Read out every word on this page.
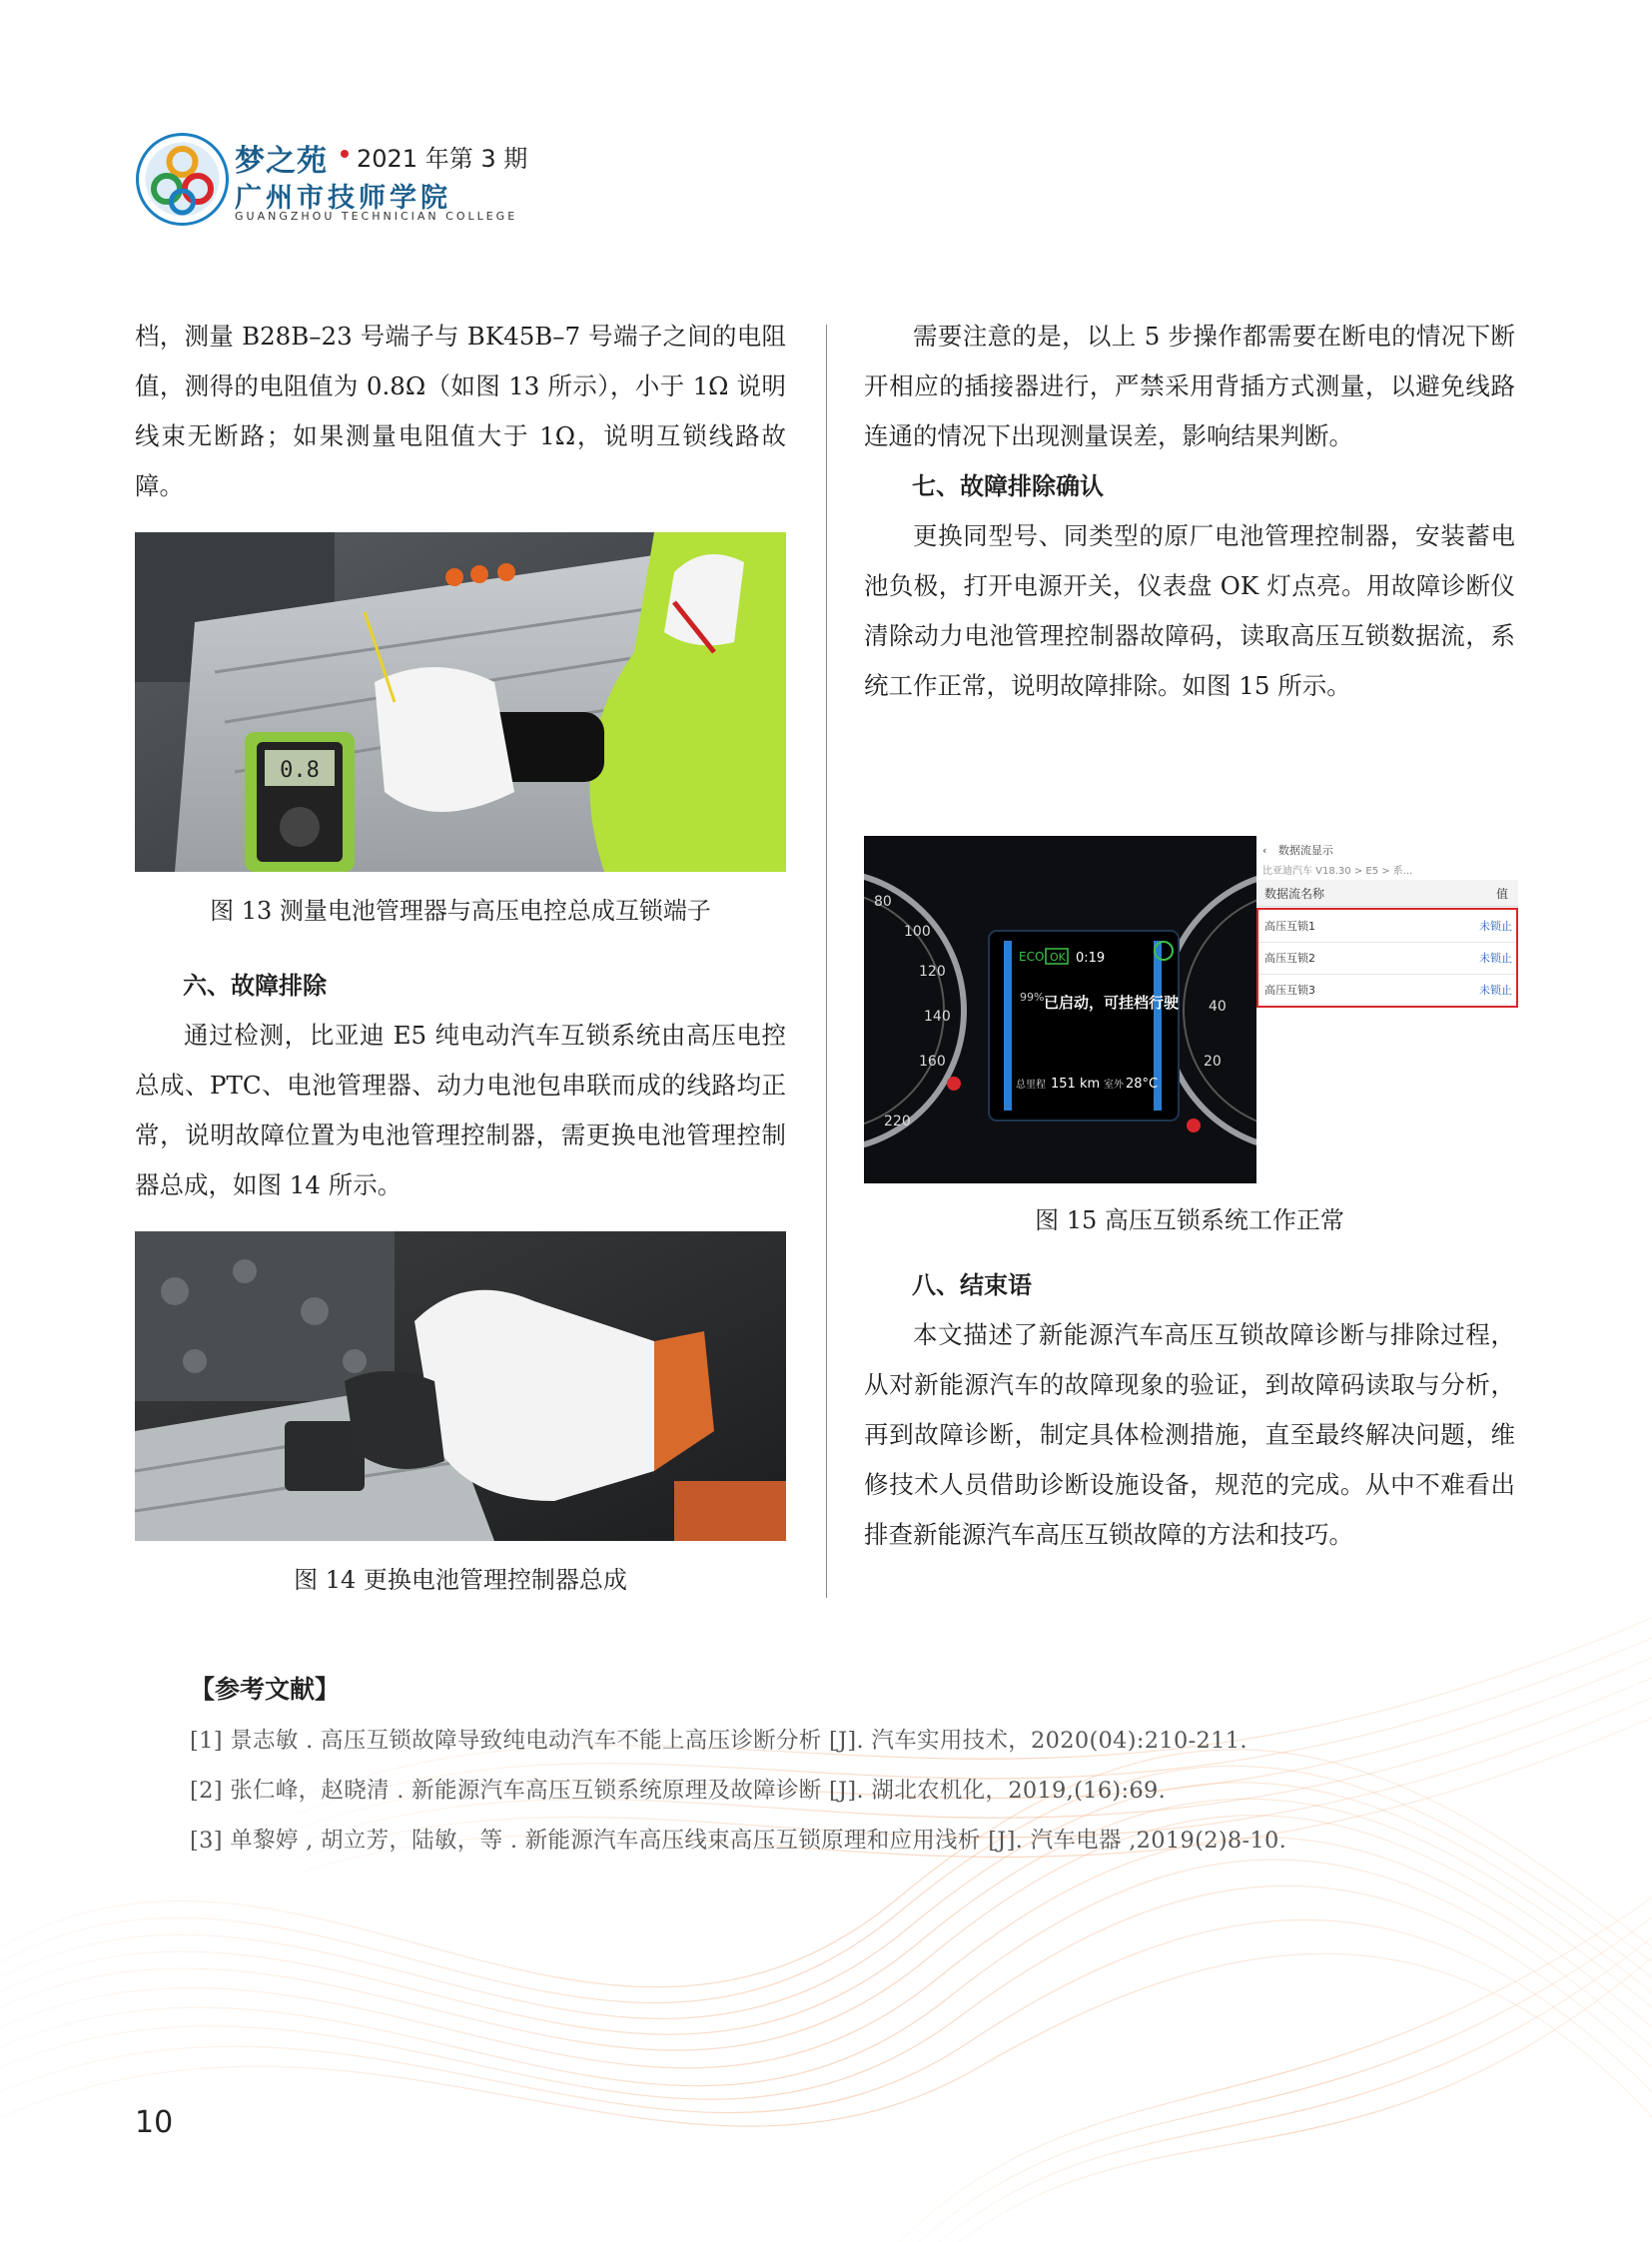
梦之苑 2021 年第 3 期
广州市技师学院
GUANGZHOU TECHNICIAN COLLEGE

档，测量 B28B–23 号端子与 BK45B–7 号端子之间的电阻值，测得的电阻值为 0.8Ω（如图 13 所示），小于 1Ω 说明线束无断路；如果测量电阻值大于 1Ω，说明互锁线路故障。

0.8
图 13 测量电池管理器与高压电控总成互锁端子

六、故障排除

通过检测，比亚迪 E5 纯电动汽车互锁系统由高压电控总成、PTC、电池管理器、动力电池包串联而成的线路均正常，说明故障位置为电池管理控制器，需更换电池管理控制器总成，如图 14 所示。

图 14 更换电池管理控制器总成

需要注意的是，以上 5 步操作都需要在断电的情况下断开相应的插接器进行，严禁采用背插方式测量，以避免线路连通的情况下出现测量误差，影响结果判断。

七、故障排除确认

更换同型号、同类型的原厂电池管理控制器，安装蓄电池负极，打开电源开关，仪表盘 OK 灯点亮。用故障诊断仪清除动力电池管理控制器故障码，读取高压互锁数据流，系统工作正常，说明故障排除。如图 15 所示。

80
100
120
140
160
220
40
20
ECO OK 0:19
99% 已启动，可挂档行驶
总里程 151 km 室外 28°C
‹ 数据流显示
比亚迪汽车 V18.30 > E5 > 系...
数据流名称	值
高压互锁1	未锁止
高压互锁2	未锁止
高压互锁3	未锁止
图 15 高压互锁系统工作正常

八、结束语

本文描述了新能源汽车高压互锁故障诊断与排除过程，从对新能源汽车的故障现象的验证，到故障码读取与分析，再到故障诊断，制定具体检测措施，直至最终解决问题，维修技术人员借助诊断设施设备，规范的完成。从中不难看出排查新能源汽车高压互锁故障的方法和技巧。

【参考文献】
[1] 景志敏 . 高压互锁故障导致纯电动汽车不能上高压诊断分析 [J]. 汽车实用技术，2020(04):210-211.
[2] 张仁峰，赵晓清 . 新能源汽车高压互锁系统原理及故障诊断 [J]. 湖北农机化，2019,(16):69.
[3] 单黎婷 , 胡立芳，陆敏，等 . 新能源汽车高压线束高压互锁原理和应用浅析 [J]. 汽车电器 ,2019(2)8-10.
10
